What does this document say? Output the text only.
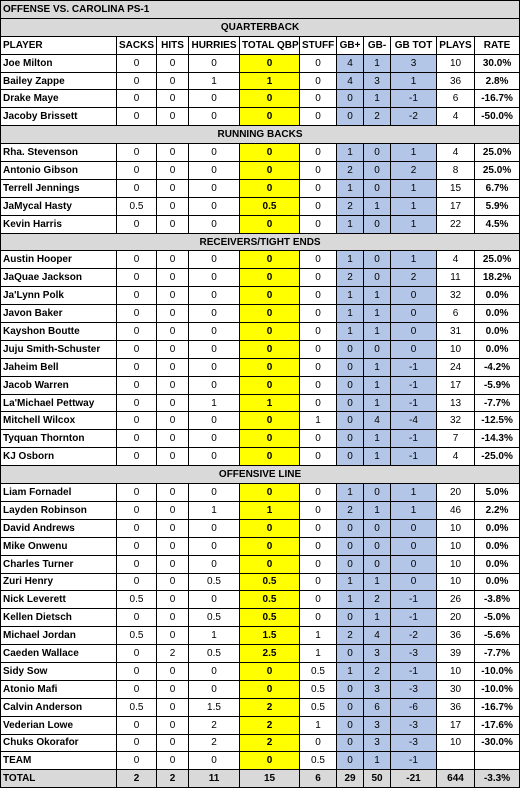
OFFENSE VS. CAROLINA PS-1										
QUARTERBACK										
PLAYER	SACKS	HITS	HURRIES	TOTAL QBP	STUFF	GB+	GB-	GB TOT	PLAYS	RATE
Joe Milton	0	0	0	0	0	4	1	3	10	30.0%
Bailey Zappe	0	0	1	1	0	4	3	1	36	2.8%
Drake Maye	0	0	0	0	0	0	1	-1	6	-16.7%
Jacoby Brissett	0	0	0	0	0	0	2	-2	4	-50.0%
RUNNING BACKS										
Rha. Stevenson	0	0	0	0	0	1	0	1	4	25.0%
Antonio Gibson	0	0	0	0	0	2	0	2	8	25.0%
Terrell Jennings	0	0	0	0	0	1	0	1	15	6.7%
JaMycal Hasty	0.5	0	0	0.5	0	2	1	1	17	5.9%
Kevin Harris	0	0	0	0	0	1	0	1	22	4.5%
RECEIVERS/TIGHT ENDS										
Austin Hooper	0	0	0	0	0	1	0	1	4	25.0%
JaQuae Jackson	0	0	0	0	0	2	0	2	11	18.2%
Ja'Lynn Polk	0	0	0	0	0	1	1	0	32	0.0%
Javon Baker	0	0	0	0	0	1	1	0	6	0.0%
Kayshon Boutte	0	0	0	0	0	1	1	0	31	0.0%
Juju Smith-Schuster	0	0	0	0	0	0	0	0	10	0.0%
Jaheim Bell	0	0	0	0	0	0	1	-1	24	-4.2%
Jacob Warren	0	0	0	0	0	0	1	-1	17	-5.9%
La'Michael Pettway	0	0	1	1	0	0	1	-1	13	-7.7%
Mitchell Wilcox	0	0	0	0	1	0	4	-4	32	-12.5%
Tyquan Thornton	0	0	0	0	0	0	1	-1	7	-14.3%
KJ Osborn	0	0	0	0	0	0	1	-1	4	-25.0%
OFFENSIVE LINE										
Liam Fornadel	0	0	0	0	0	1	0	1	20	5.0%
Layden Robinson	0	0	1	1	0	2	1	1	46	2.2%
David Andrews	0	0	0	0	0	0	0	0	10	0.0%
Mike Onwenu	0	0	0	0	0	0	0	0	10	0.0%
Charles Turner	0	0	0	0	0	0	0	0	10	0.0%
Zuri Henry	0	0	0.5	0.5	0	1	1	0	10	0.0%
Nick Leverett	0.5	0	0	0.5	0	1	2	-1	26	-3.8%
Kellen Dietsch	0	0	0.5	0.5	0	0	1	-1	20	-5.0%
Michael Jordan	0.5	0	1	1.5	1	2	4	-2	36	-5.6%
Caeden Wallace	0	2	0.5	2.5	1	0	3	-3	39	-7.7%
Sidy Sow	0	0	0	0	0.5	1	2	-1	10	-10.0%
Atonio Mafi	0	0	0	0	0.5	0	3	-3	30	-10.0%
Calvin Anderson	0.5	0	1.5	2	0.5	0	6	-6	36	-16.7%
Vederian Lowe	0	0	2	2	1	0	3	-3	17	-17.6%
Chuks Okorafor	0	0	2	2	0	0	3	-3	10	-30.0%
TEAM	0	0	0	0	0.5	0	1	-1		
TOTAL	2	2	11	15	6	29	50	-21	644	-3.3%
